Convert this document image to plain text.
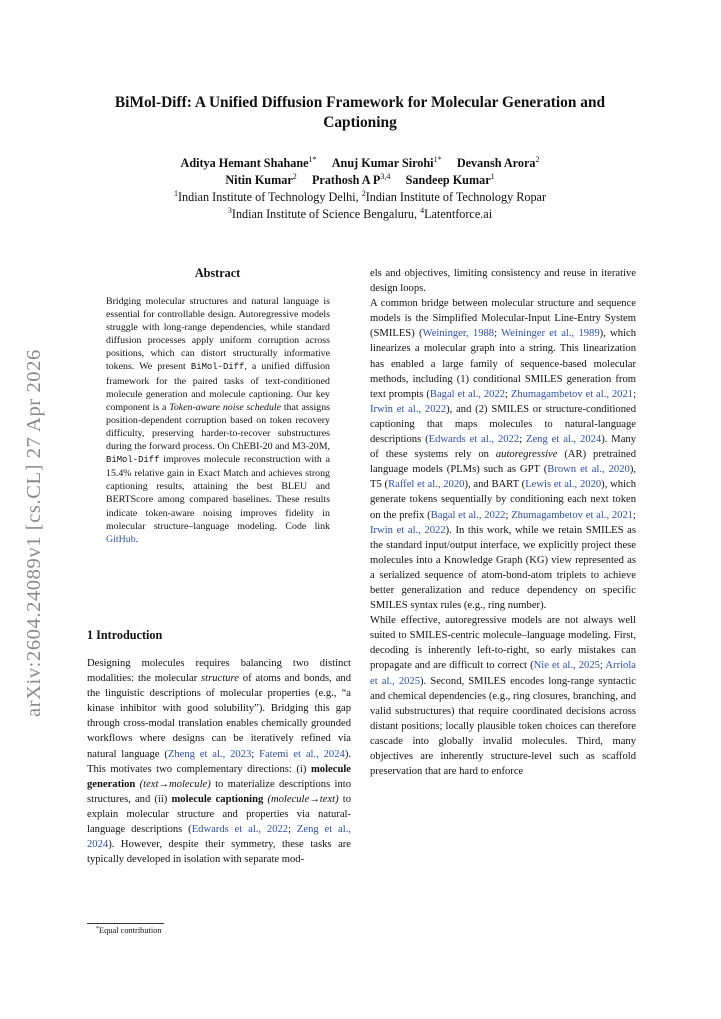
arXiv:2604.24089v1 [cs.CL] 27 Apr 2026
BiMol-Diff: A Unified Diffusion Framework for Molecular Generation and Captioning
Aditya Hemant Shahane$^{1*}$ Anuj Kumar Sirohi$^{1*}$ Devansh Arora$^2$
Nitin Kumar$^2$ Prathosh A P$^{3,4}$ Sandeep Kumar$^1$
$^1$Indian Institute of Technology Delhi, $^2$Indian Institute of Technology Ropar
$^3$Indian Institute of Science Bengaluru, $^4$Latentforce.ai
Abstract
Bridging molecular structures and natural language is essential for controllable design. Autoregressive models struggle with long-range dependencies, while standard diffusion processes apply uniform corruption across positions, which can distort structurally informative tokens. We present BiMol-Diff, a unified diffusion framework for the paired tasks of text-conditioned molecule generation and molecule captioning. Our key component is a Token-aware noise schedule that assigns position-dependent corruption based on token recovery difficulty, preserving harder-to-recover substructures during the forward process. On ChEBI-20 and M3-20M, BiMol-Diff improves molecule reconstruction with a 15.4% relative gain in Exact Match and achieves strong captioning results, attaining the best BLEU and BERTScore among compared baselines. These results indicate token-aware noising improves fidelity in molecular structure–language modeling. Code link GitHub.
1 Introduction

Designing molecules requires balancing two distinct modalities: the molecular structure of atoms and bonds, and the linguistic descriptions of molecular properties (e.g., “a kinase inhibitor with good solubility”). Bridging this gap through cross-modal translation enables chemically grounded workflows where designs can be iteratively refined via natural language (Zheng et al., 2023; Fatemi et al., 2024). This motivates two complementary directions: (i) molecule generation (text→molecule) to materialize descriptions into structures, and (ii) molecule captioning (molecule→text) to explain molecular structure and properties via natural-language descriptions (Edwards et al., 2022; Zeng et al., 2024). However, despite their symmetry, these tasks are typically developed in isolation with separate mod-

els and objectives, limiting consistency and reuse in iterative design loops.

A common bridge between molecular structure and sequence models is the Simplified Molecular-Input Line-Entry System (SMILES) (Weininger, 1988; Weininger et al., 1989), which linearizes a molecular graph into a string. This linearization has enabled a large family of sequence-based molecular methods, including (1) conditional SMILES generation from text prompts (Bagal et al., 2022; Zhumagambetov et al., 2021; Irwin et al., 2022), and (2) SMILES or structure-conditioned captioning that maps molecules to natural-language descriptions (Edwards et al., 2022; Zeng et al., 2024). Many of these systems rely on autoregressive (AR) pretrained language models (PLMs) such as GPT (Brown et al., 2020), T5 (Raffel et al., 2020), and BART (Lewis et al., 2020), which generate tokens sequentially by conditioning each next token on the prefix (Bagal et al., 2022; Zhumagambetov et al., 2021; Irwin et al., 2022). In this work, while we retain SMILES as the standard input/output interface, we explicitly project these molecules into a Knowledge Graph (KG) view represented as a serialized sequence of atom-bond-atom triplets to achieve better generalization and reduce dependency on specific SMILES syntax rules (e.g., ring number).

While effective, autoregressive models are not always well suited to SMILES-centric molecule–language modeling. First, decoding is inherently left-to-right, so early mistakes can propagate and are difficult to correct (Nie et al., 2025; Arriola et al., 2025). Second, SMILES encodes long-range syntactic and chemical dependencies (e.g., ring closures, branching, and valid substructures) that require coordinated decisions across distant positions; locally plausible token choices can therefore cascade into globally invalid molecules. Third, many objectives are inherently structure-level such as scaffold preservation that are hard to enforce

*Equal contribution
